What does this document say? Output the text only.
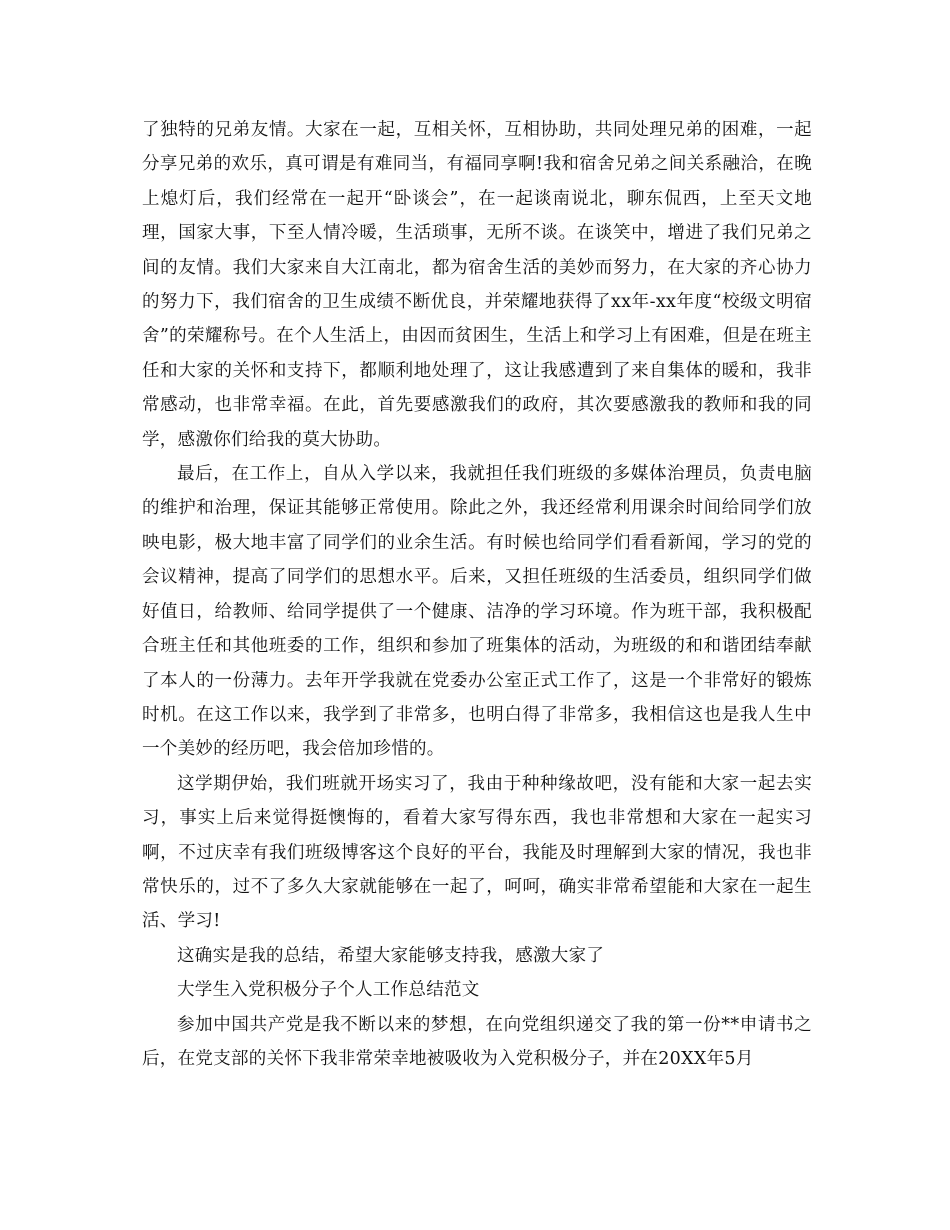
了独特的兄弟友情。大家在一起，互相关怀，互相协助，共同处理兄弟的困难，一起分享兄弟的欢乐，真可谓是有难同当，有福同享啊!我和宿舍兄弟之间关系融洽，在晚上熄灯后，我们经常在一起开“卧谈会”，在一起谈南说北，聊东侃西，上至天文地理，国家大事，下至人情冷暖，生活琐事，无所不谈。在谈笑中，增进了我们兄弟之间的友情。我们大家来自大江南北，都为宿舍生活的美妙而努力，在大家的齐心协力的努力下，我们宿舍的卫生成绩不断优良，并荣耀地获得了xx年-xx年度“校级文明宿舍”的荣耀称号。在个人生活上，由因而贫困生，生活上和学习上有困难，但是在班主任和大家的关怀和支持下，都顺利地处理了，这让我感遭到了来自集体的暖和，我非常感动，也非常幸福。在此，首先要感激我们的政府，其次要感激我的教师和我的同学，感激你们给我的莫大协助。

最后，在工作上，自从入学以来，我就担任我们班级的多媒体治理员，负责电脑的维护和治理，保证其能够正常使用。除此之外，我还经常利用课余时间给同学们放映电影，极大地丰富了同学们的业余生活。有时候也给同学们看看新闻，学习的党的会议精神，提高了同学们的思想水平。后来，又担任班级的生活委员，组织同学们做好值日，给教师、给同学提供了一个健康、洁净的学习环境。作为班干部，我积极配合班主任和其他班委的工作，组织和参加了班集体的活动，为班级的和和谐团结奉献了本人的一份薄力。去年开学我就在党委办公室正式工作了，这是一个非常好的锻炼时机。在这工作以来，我学到了非常多，也明白得了非常多，我相信这也是我人生中一个美妙的经历吧，我会倍加珍惜的。

这学期伊始，我们班就开场实习了，我由于种种缘故吧，没有能和大家一起去实习，事实上后来觉得挺懊悔的，看着大家写得东西，我也非常想和大家在一起实习啊，不过庆幸有我们班级博客这个良好的平台，我能及时理解到大家的情况，我也非常快乐的，过不了多久大家就能够在一起了，呵呵，确实非常希望能和大家在一起生活、学习!

这确实是我的总结，希望大家能够支持我，感激大家了

大学生入党积极分子个人工作总结范文

参加中国共产党是我不断以来的梦想，在向党组织递交了我的第一份**申请书之后，在党支部的关怀下我非常荣幸地被吸收为入党积极分子，并在20XX年5月
